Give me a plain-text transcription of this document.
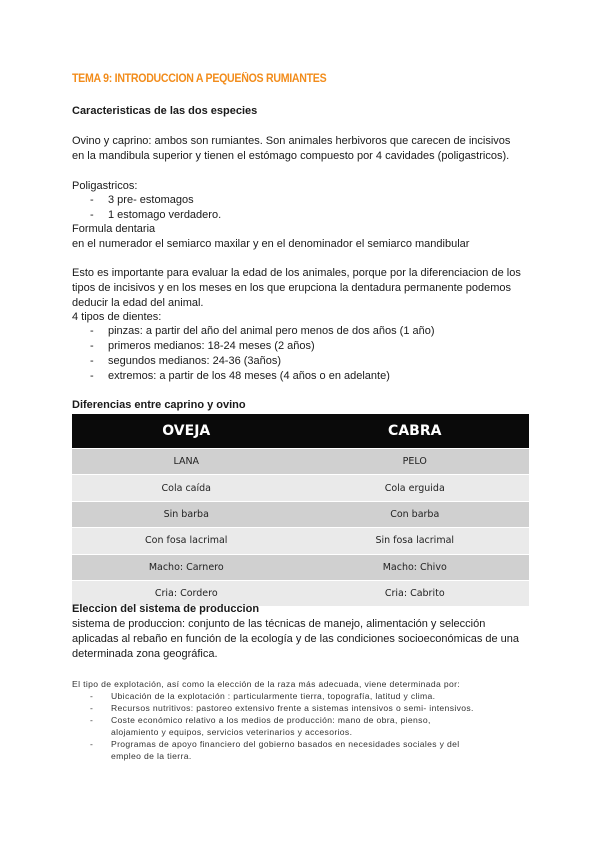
TEMA 9: INTRODUCCION A PEQUEÑOS RUMIANTES

Caracteristicas de las dos especies

Ovino y caprino: ambos son rumiantes. Son animales herbivoros que carecen de incisivos

en la mandibula superior y tienen el estómago compuesto por 4 cavidades (poligastricos).

Poligastricos:

- 3 pre- estomagos
- 1 estomago verdadero.

Formula dentaria

en el numerador el semiarco maxilar y en el denominador el semiarco mandibular

Esto es importante para evaluar la edad de los animales, porque por la diferenciacion de los

tipos de incisivos y en los meses en los que erupciona la dentadura permanente podemos

deducir la edad del animal.

4 tipos de dientes:

- pinzas: a partir del año del animal pero menos de dos años (1 año)
- primeros medianos: 18-24 meses (2 años)
- segundos medianos: 24-36 (3años)
- extremos: a partir de los 48 meses (4 años o en adelante)

Diferencias entre caprino y ovino

OVEJA	CABRA
LANA	PELO
Cola caída	Cola erguida
Sin barba	Con barba
Con fosa lacrimal	Sin fosa lacrimal
Macho: Carnero	Macho: Chivo
Cria: Cordero	Cria: Cabrito

Eleccion del sistema de produccion

sistema de produccion: conjunto de las técnicas de manejo, alimentación y selección

aplicadas al rebaño en función de la ecología y de las condiciones socioeconómicas de una

determinada zona geográfica.

El tipo de explotación, así como la elección de la raza más adecuada, viene determinada por:
- Ubicación de la explotación : particularmente tierra, topografía, latitud y clima.
- Recursos nutritivos: pastoreo extensivo frente a sistemas intensivos o semi- intensivos.
- Coste económico relativo a los medios de producción: mano de obra, pienso,
alojamiento y equipos, servicios veterinarios y accesorios.
- Programas de apoyo financiero del gobierno basados en necesidades sociales y del
empleo de la tierra.
